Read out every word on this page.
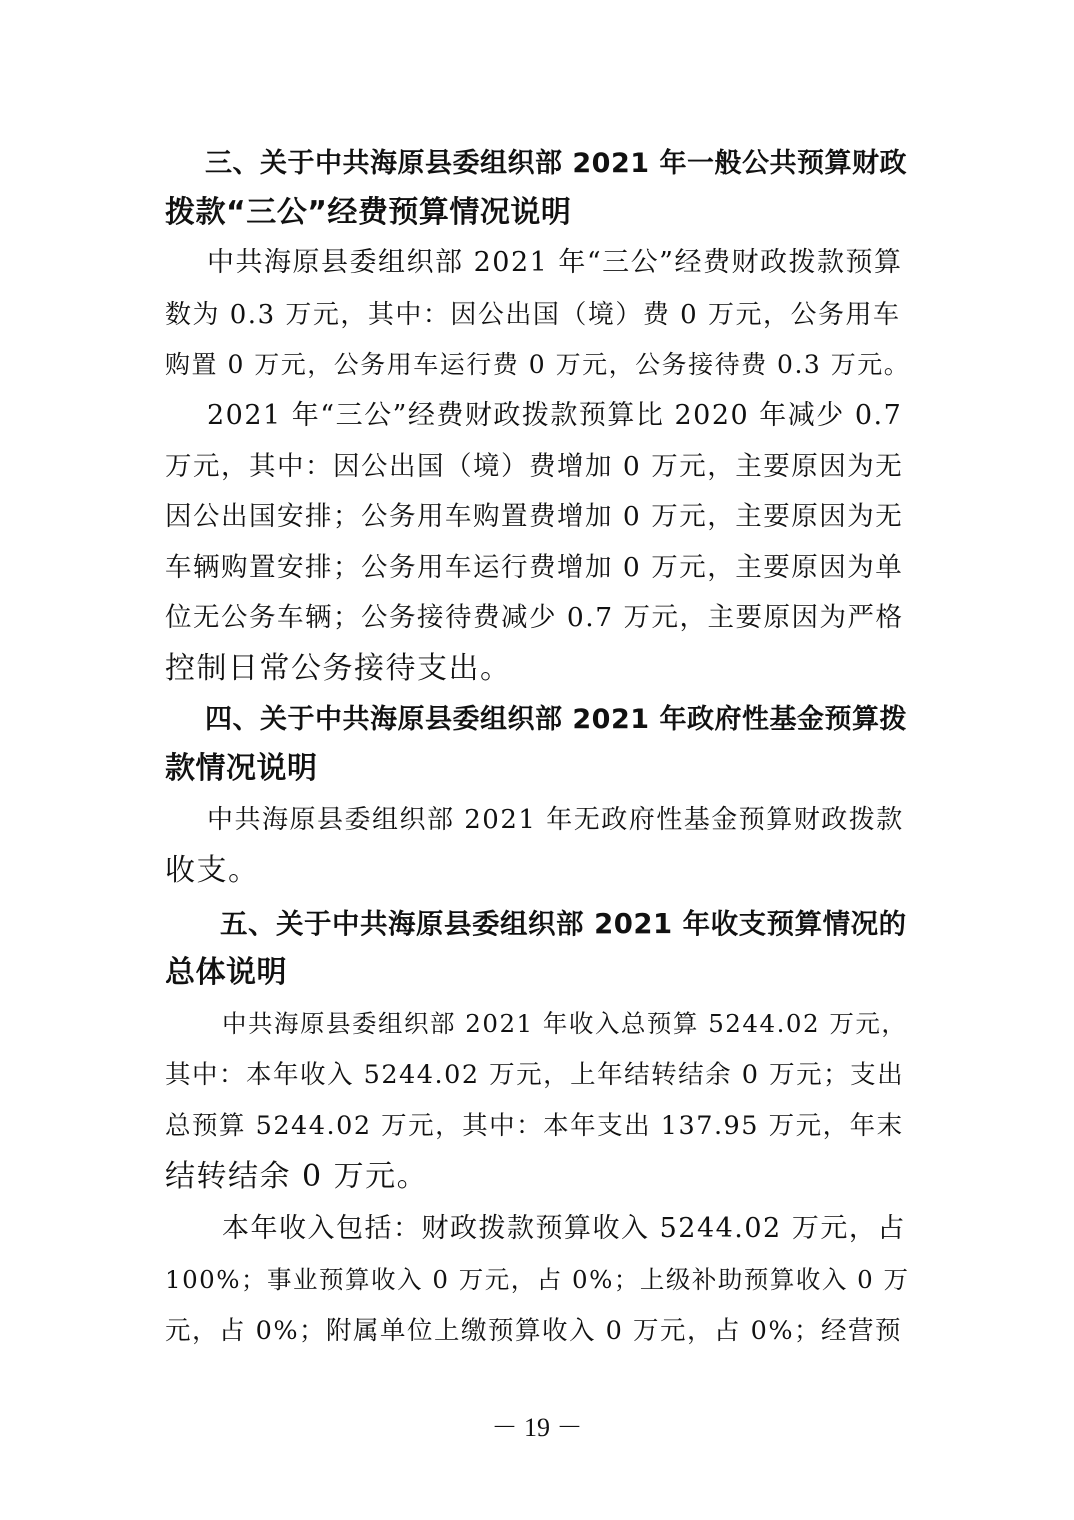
三、关于中共海原县委组织部 2021 年一般公共预算财政
拨款“三公”经费预算情况说明
中共海原县委组织部 2021 年“三公”经费财政拨款预算
数为 0.3 万元，其中：因公出国（境）费 0 万元，公务用车
购置 0 万元，公务用车运行费 0 万元，公务接待费 0.3 万元。
2021 年“三公”经费财政拨款预算比 2020 年减少 0.7
万元，其中：因公出国（境）费增加 0 万元，主要原因为无
因公出国安排；公务用车购置费增加 0 万元，主要原因为无
车辆购置安排；公务用车运行费增加 0 万元，主要原因为单
位无公务车辆；公务接待费减少 0.7 万元，主要原因为严格
控制日常公务接待支出。
四、关于中共海原县委组织部 2021 年政府性基金预算拨
款情况说明
中共海原县委组织部 2021 年无政府性基金预算财政拨款
收支。
五、关于中共海原县委组织部 2021 年收支预算情况的
总体说明
中共海原县委组织部 2021 年收入总预算 5244.02 万元，
其中：本年收入 5244.02 万元，上年结转结余 0 万元；支出
总预算 5244.02 万元，其中：本年支出 137.95 万元，年末
结转结余 0 万元。
本年收入包括：财政拨款预算收入 5244.02 万元，占
100%；事业预算收入 0 万元，占 0%；上级补助预算收入 0 万
元，占 0%；附属单位上缴预算收入 0 万元，占 0%；经营预
－ 19 －
